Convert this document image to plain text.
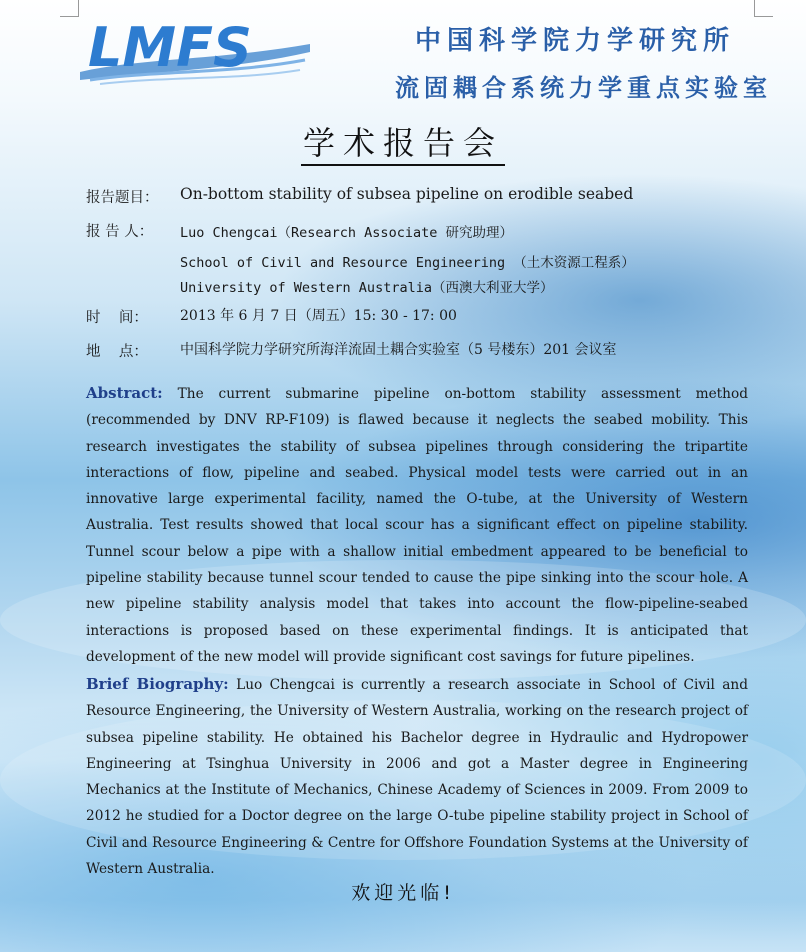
LMFS	中国科学院力学研究所
流固耦合系统力学重点实验室
学术报告会
报告题目： On-bottom stability of subsea pipeline on erodible seabed
报 告 人： Luo Chengcai（Research Associate 研究助理）
School of Civil and Resource Engineering （土木资源工程系）
University of Western Australia（西澳大利亚大学）
时    间： 2013 年 6 月 7 日（周五）15: 30 - 17: 00
地    点： 中国科学院力学研究所海洋流固土耦合实验室（5 号楼东）201 会议室
Abstract: The current submarine pipeline on-bottom stability assessment method (recommended by DNV RP-F109) is flawed because it neglects the seabed mobility. This research investigates the stability of subsea pipelines through considering the tripartite interactions of flow, pipeline and seabed. Physical model tests were carried out in an innovative large experimental facility, named the O-tube, at the University of Western Australia. Test results showed that local scour has a significant effect on pipeline stability. Tunnel scour below a pipe with a shallow initial embedment appeared to be beneficial to pipeline stability because tunnel scour tended to cause the pipe sinking into the scour hole. A new pipeline stability analysis model that takes into account the flow-pipeline-seabed interactions is proposed based on these experimental findings. It is anticipated that development of the new model will provide significant cost savings for future pipelines.
Brief Biography: Luo Chengcai is currently a research associate in School of Civil and Resource Engineering, the University of Western Australia, working on the research project of subsea pipeline stability. He obtained his Bachelor degree in Hydraulic and Hydropower Engineering at Tsinghua University in 2006 and got a Master degree in Engineering Mechanics at the Institute of Mechanics, Chinese Academy of Sciences in 2009. From 2009 to 2012 he studied for a Doctor degree on the large O-tube pipeline stability project in School of Civil and Resource Engineering & Centre for Offshore Foundation Systems at the University of Western Australia.
欢迎光临!
